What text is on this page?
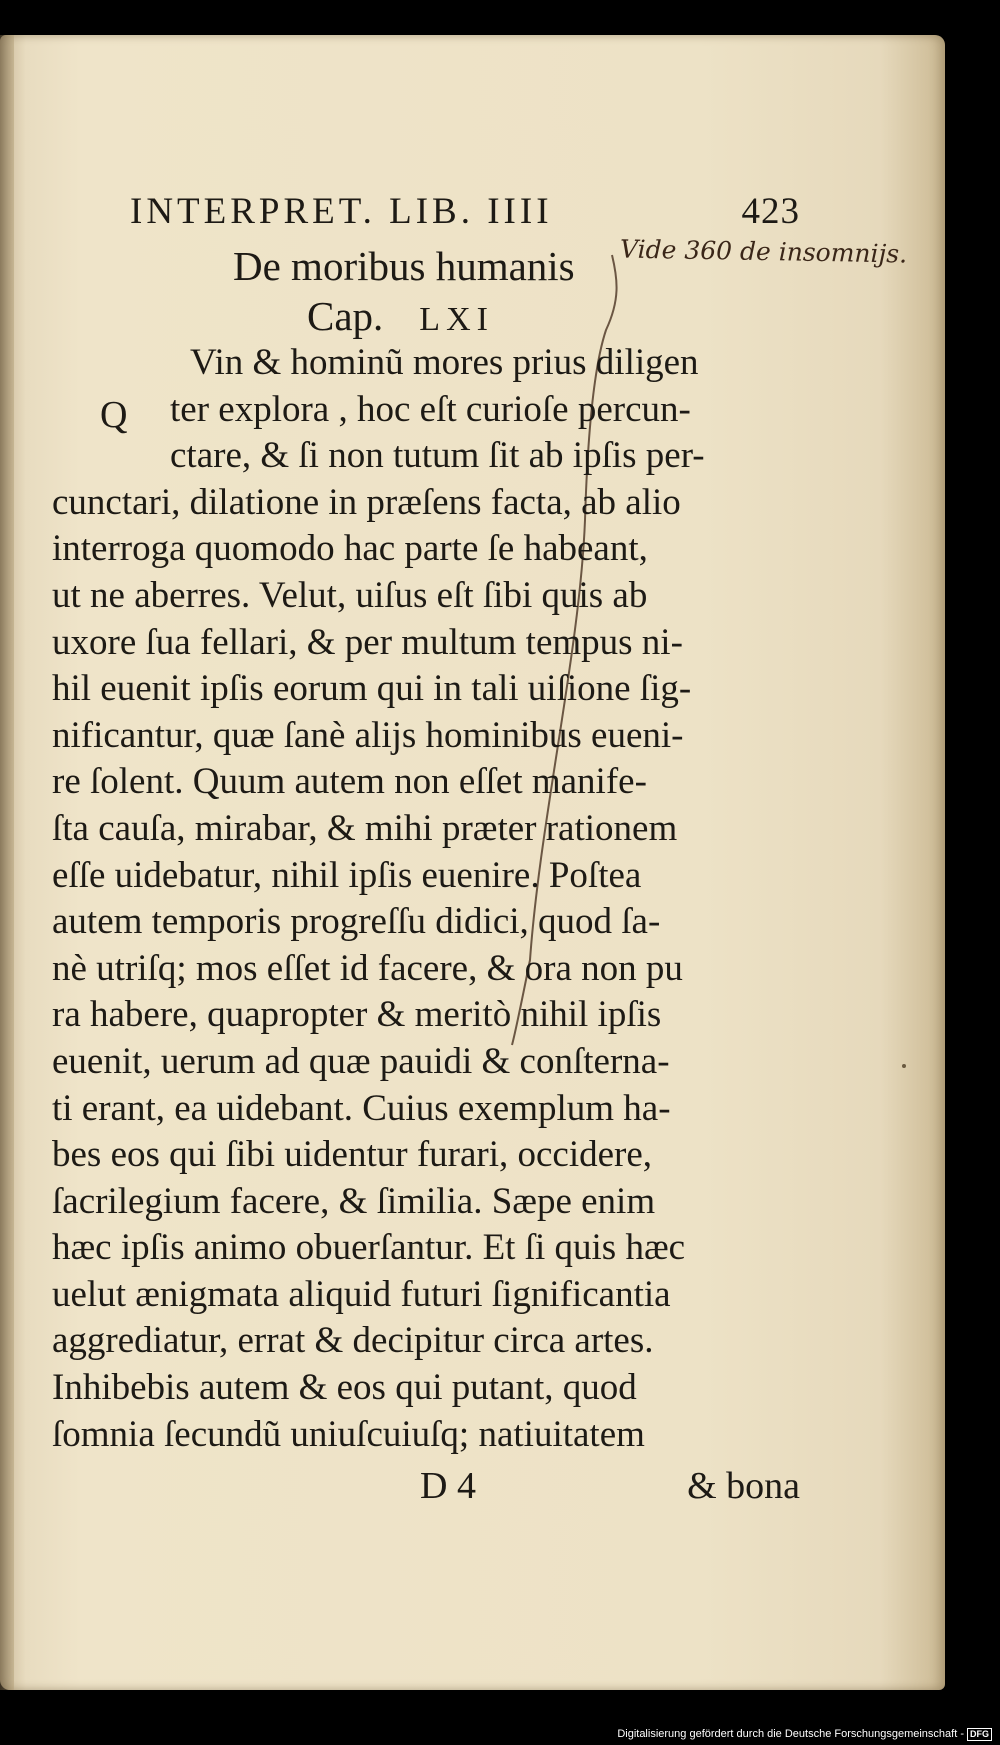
INTERPRET. LIB. IIII	423
De moribus humanis
Cap. LXI
Vide 360 de insomnijs.
Q
Vin & hominũ mores prius diligen
ter explora , hoc eſt curioſe percun-
ctare, & ſi non tutum ſit ab ipſis per-
cunctari, dilatione in præſens facta, ab alio
interroga quomodo hac parte ſe habeant,
ut ne aberres. Velut, uiſus eſt ſibi quis ab
uxore ſua fellari, & per multum tempus ni-
hil euenit ipſis eorum qui in tali uiſione ſig-
nificantur, quæ ſanè alijs hominibus eueni-
re ſolent. Quum autem non eſſet manife-
ſta cauſa, mirabar, & mihi præter rationem
eſſe uidebatur, nihil ipſis euenire. Poſtea
autem temporis progreſſu didici, quod ſa-
nè utriſq; mos eſſet id facere, & ora non pu
ra habere, quapropter & meritò nihil ipſis
euenit, uerum ad quæ pauidi & conſterna-
ti erant, ea uidebant. Cuius exemplum ha-
bes eos qui ſibi uidentur furari, occidere,
ſacrilegium facere, & ſimilia. Sæpe enim
hæc ipſis animo obuerſantur. Et ſi quis hæc
uelut ænigmata aliquid futuri ſignificantia
aggrediatur, errat & decipitur circa artes.
Inhibebis autem & eos qui putant, quod
ſomnia ſecundũ uniuſcuiuſq; natiuitatem
D 4	& bona
Digitalisierung gefördert durch die Deutsche Forschungsgemeinschaft - DFG
